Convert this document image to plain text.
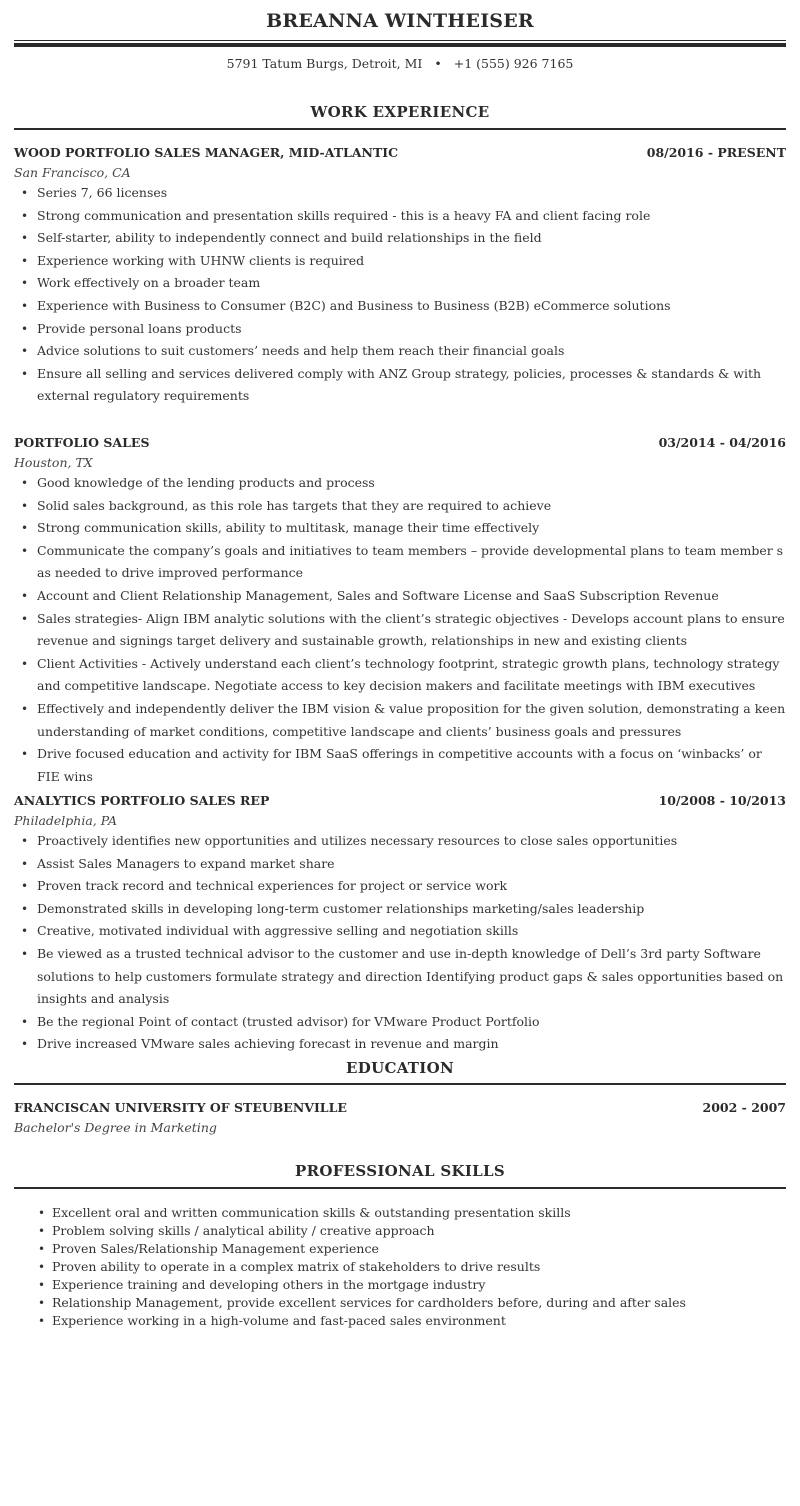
BREANNA WINTHEISER
5791 Tatum Burgs, Detroit, MI • +1 (555) 926 7165
WORK EXPERIENCE
WOOD PORTFOLIO SALES MANAGER, MID-ATLANTIC	08/2016 - PRESENT
San Francisco, CA
• Series 7, 66 licenses
• Strong communication and presentation skills required - this is a heavy FA and client facing role
• Self-starter, ability to independently connect and build relationships in the field
• Experience working with UHNW clients is required
• Work effectively on a broader team
• Experience with Business to Consumer (B2C) and Business to Business (B2B) eCommerce solutions
• Provide personal loans products
• Advice solutions to suit customers’ needs and help them reach their financial goals
• Ensure all selling and services delivered comply with ANZ Group strategy, policies, processes & standards & with external regulatory requirements
PORTFOLIO SALES	03/2014 - 04/2016
Houston, TX
• Good knowledge of the lending products and process
• Solid sales background, as this role has targets that they are required to achieve
• Strong communication skills, ability to multitask, manage their time effectively
• Communicate the company’s goals and initiatives to team members – provide developmental plans to team member s as needed to drive improved performance
• Account and Client Relationship Management, Sales and Software License and SaaS Subscription Revenue
• Sales strategies- Align IBM analytic solutions with the client’s strategic objectives - Develops account plans to ensure revenue and signings target delivery and sustainable growth, relationships in new and existing clients
• Client Activities - Actively understand each client’s technology footprint, strategic growth plans, technology strategy and competitive landscape. Negotiate access to key decision makers and facilitate meetings with IBM executives
• Effectively and independently deliver the IBM vision & value proposition for the given solution, demonstrating a keen understanding of market conditions, competitive landscape and clients’ business goals and pressures
• Drive focused education and activity for IBM SaaS offerings in competitive accounts with a focus on ‘winbacks’ or FIE wins
ANALYTICS PORTFOLIO SALES REP	10/2008 - 10/2013
Philadelphia, PA
• Proactively identifies new opportunities and utilizes necessary resources to close sales opportunities
• Assist Sales Managers to expand market share
• Proven track record and technical experiences for project or service work
• Demonstrated skills in developing long-term customer relationships marketing/sales leadership
• Creative, motivated individual with aggressive selling and negotiation skills
• Be viewed as a trusted technical advisor to the customer and use in-depth knowledge of Dell’s 3rd party Software solutions to help customers formulate strategy and direction Identifying product gaps & sales opportunities based on insights and analysis
• Be the regional Point of contact (trusted advisor) for VMware Product Portfolio
• Drive increased VMware sales achieving forecast in revenue and margin
EDUCATION
FRANCISCAN UNIVERSITY OF STEUBENVILLE	2002 - 2007
Bachelor's Degree in Marketing
PROFESSIONAL SKILLS
• Excellent oral and written communication skills & outstanding presentation skills
• Problem solving skills / analytical ability / creative approach
• Proven Sales/Relationship Management experience
• Proven ability to operate in a complex matrix of stakeholders to drive results
• Experience training and developing others in the mortgage industry
• Relationship Management, provide excellent services for cardholders before, during and after sales
• Experience working in a high-volume and fast-paced sales environment
